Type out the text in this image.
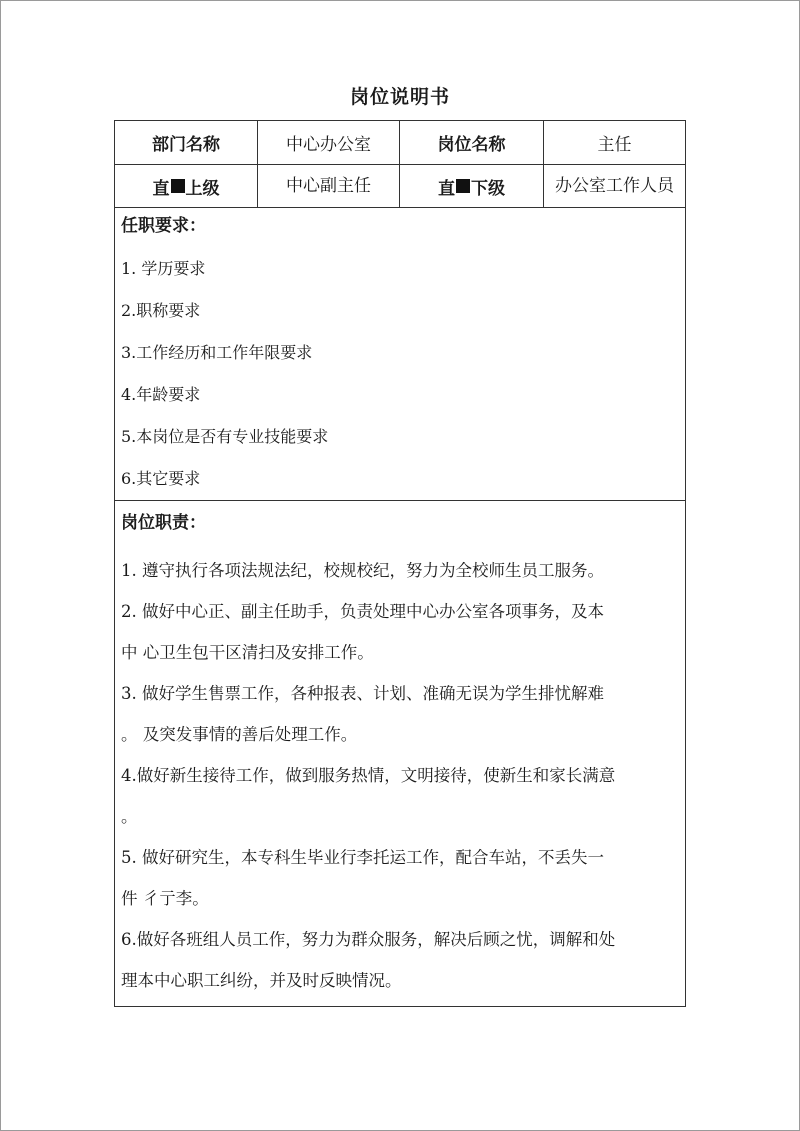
岗位说明书
部门名称	中心办公室	岗位名称	主任
直 上级	中心副主任	直 下级	办公室工作人员
任职要求：
1. 学历要求
2.职称要求
3.工作经历和工作年限要求
4.年龄要求
5.本岗位是否有专业技能要求
6.其它要求
岗位职责：
1. 遵守执行各项法规法纪，校规校纪，努力为全校师生员工服务。
2. 做好中心正、副主任助手，负责处理中心办公室各项事务，及本
中 心卫生包干区清扫及安排工作。
3. 做好学生售票工作，各种报表、计划、准确无误为学生排忧解难
。 及突发事情的善后处理工作。
4.做好新生接待工作，做到服务热情，文明接待，使新生和家长满意
。
5. 做好研究生，本专科生毕业行李托运工作，配合车站，不丢失一
件 彳亍李。
6.做好各班组人员工作，努力为群众服务，解决后顾之忧，调解和处
理本中心职工纠纷，并及时反映情况。
